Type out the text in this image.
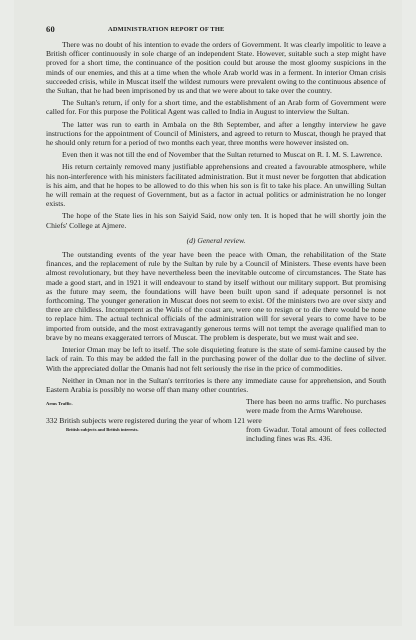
60	ADMINISTRATION REPORT OF THE

There was no doubt of his intention to evade the orders of Government. It was clearly impolitic to leave a British officer continuously in sole charge of an independent State. However, suitable such a step might have proved for a short time, the continuance of the position could but arouse the most gloomy suspicions in the minds of our enemies, and this at a time when the whole Arab world was in a ferment. In interior Oman crisis succeeded crisis, while in Muscat itself the wildest rumours were prevalent owing to the continuous absence of the Sultan, that he had been imprisoned by us and that we were about to take over the country.

The Sultan's return, if only for a short time, and the establishment of an Arab form of Government were called for. For this purpose the Political Agent was called to India in August to interview the Sultan.

The latter was run to earth in Ambala on the 8th September, and after a lengthy interview he gave instructions for the appointment of Council of Ministers, and agreed to return to Muscat, though he prayed that he should only return for a period of two months each year, three months were however insisted on.

Even then it was not till the end of November that the Sultan returned to Muscat on R. I. M. S. Lawrence.

His return certainly removed many justifiable apprehensions and created a favourable atmosphere, while his non-interference with his ministers facilitated administration. But it must never be forgotten that abdication is his aim, and that he hopes to be allowed to do this when his son is fit to take his place. An unwilling Sultan he will remain at the request of Government, but as a factor in actual politics or administration he no longer exists.

The hope of the State lies in his son Saiyid Said, now only ten. It is hoped that he will shortly join the Chiefs' College at Ajmere.

(d) General review.

The outstanding events of the year have been the peace with Oman, the rehabilitation of the State finances, and the replacement of rule by the Sultan by rule by a Council of Ministers. These events have been almost revolutionary, but they have nevertheless been the inevitable outcome of circumstances. The State has made a good start, and in 1921 it will endeavour to stand by itself without our military support. But promising as the future may seem, the foundations will have been built upon sand if adequate personnel is not forthcoming. The younger generation in Muscat does not seem to exist. Of the ministers two are over sixty and three are childless. Incompetent as the Walis of the coast are, were one to resign or to die there would be none to replace him. The actual technical officials of the administration will for several years to come have to be imported from outside, and the most extravagantly generous terms will not tempt the average qualified man to brave by no means exaggerated terrors of Muscat. The problem is desperate, but we must wait and see.

Interior Oman may be left to itself. The sole disquieting feature is the state of semi-famine caused by the lack of rain. To this may be added the fall in the purchasing power of the dollar due to the decline of silver. With the appreciated dollar the Omanis had not felt seriously the rise in the price of commodities.

Neither in Oman nor in the Sultan's territories is there any immediate cause for apprehension, and South Eastern Arabia is possibly no worse off than many other countries.

Arms Traffic.	There has been no arms traffic. No purchases were made from the Arms Warehouse.

332 British subjects were registered during the year of whom 121 were
British subjects and British interests.	from Gwadur. Total amount of fees collected including fines was Rs. 436.
